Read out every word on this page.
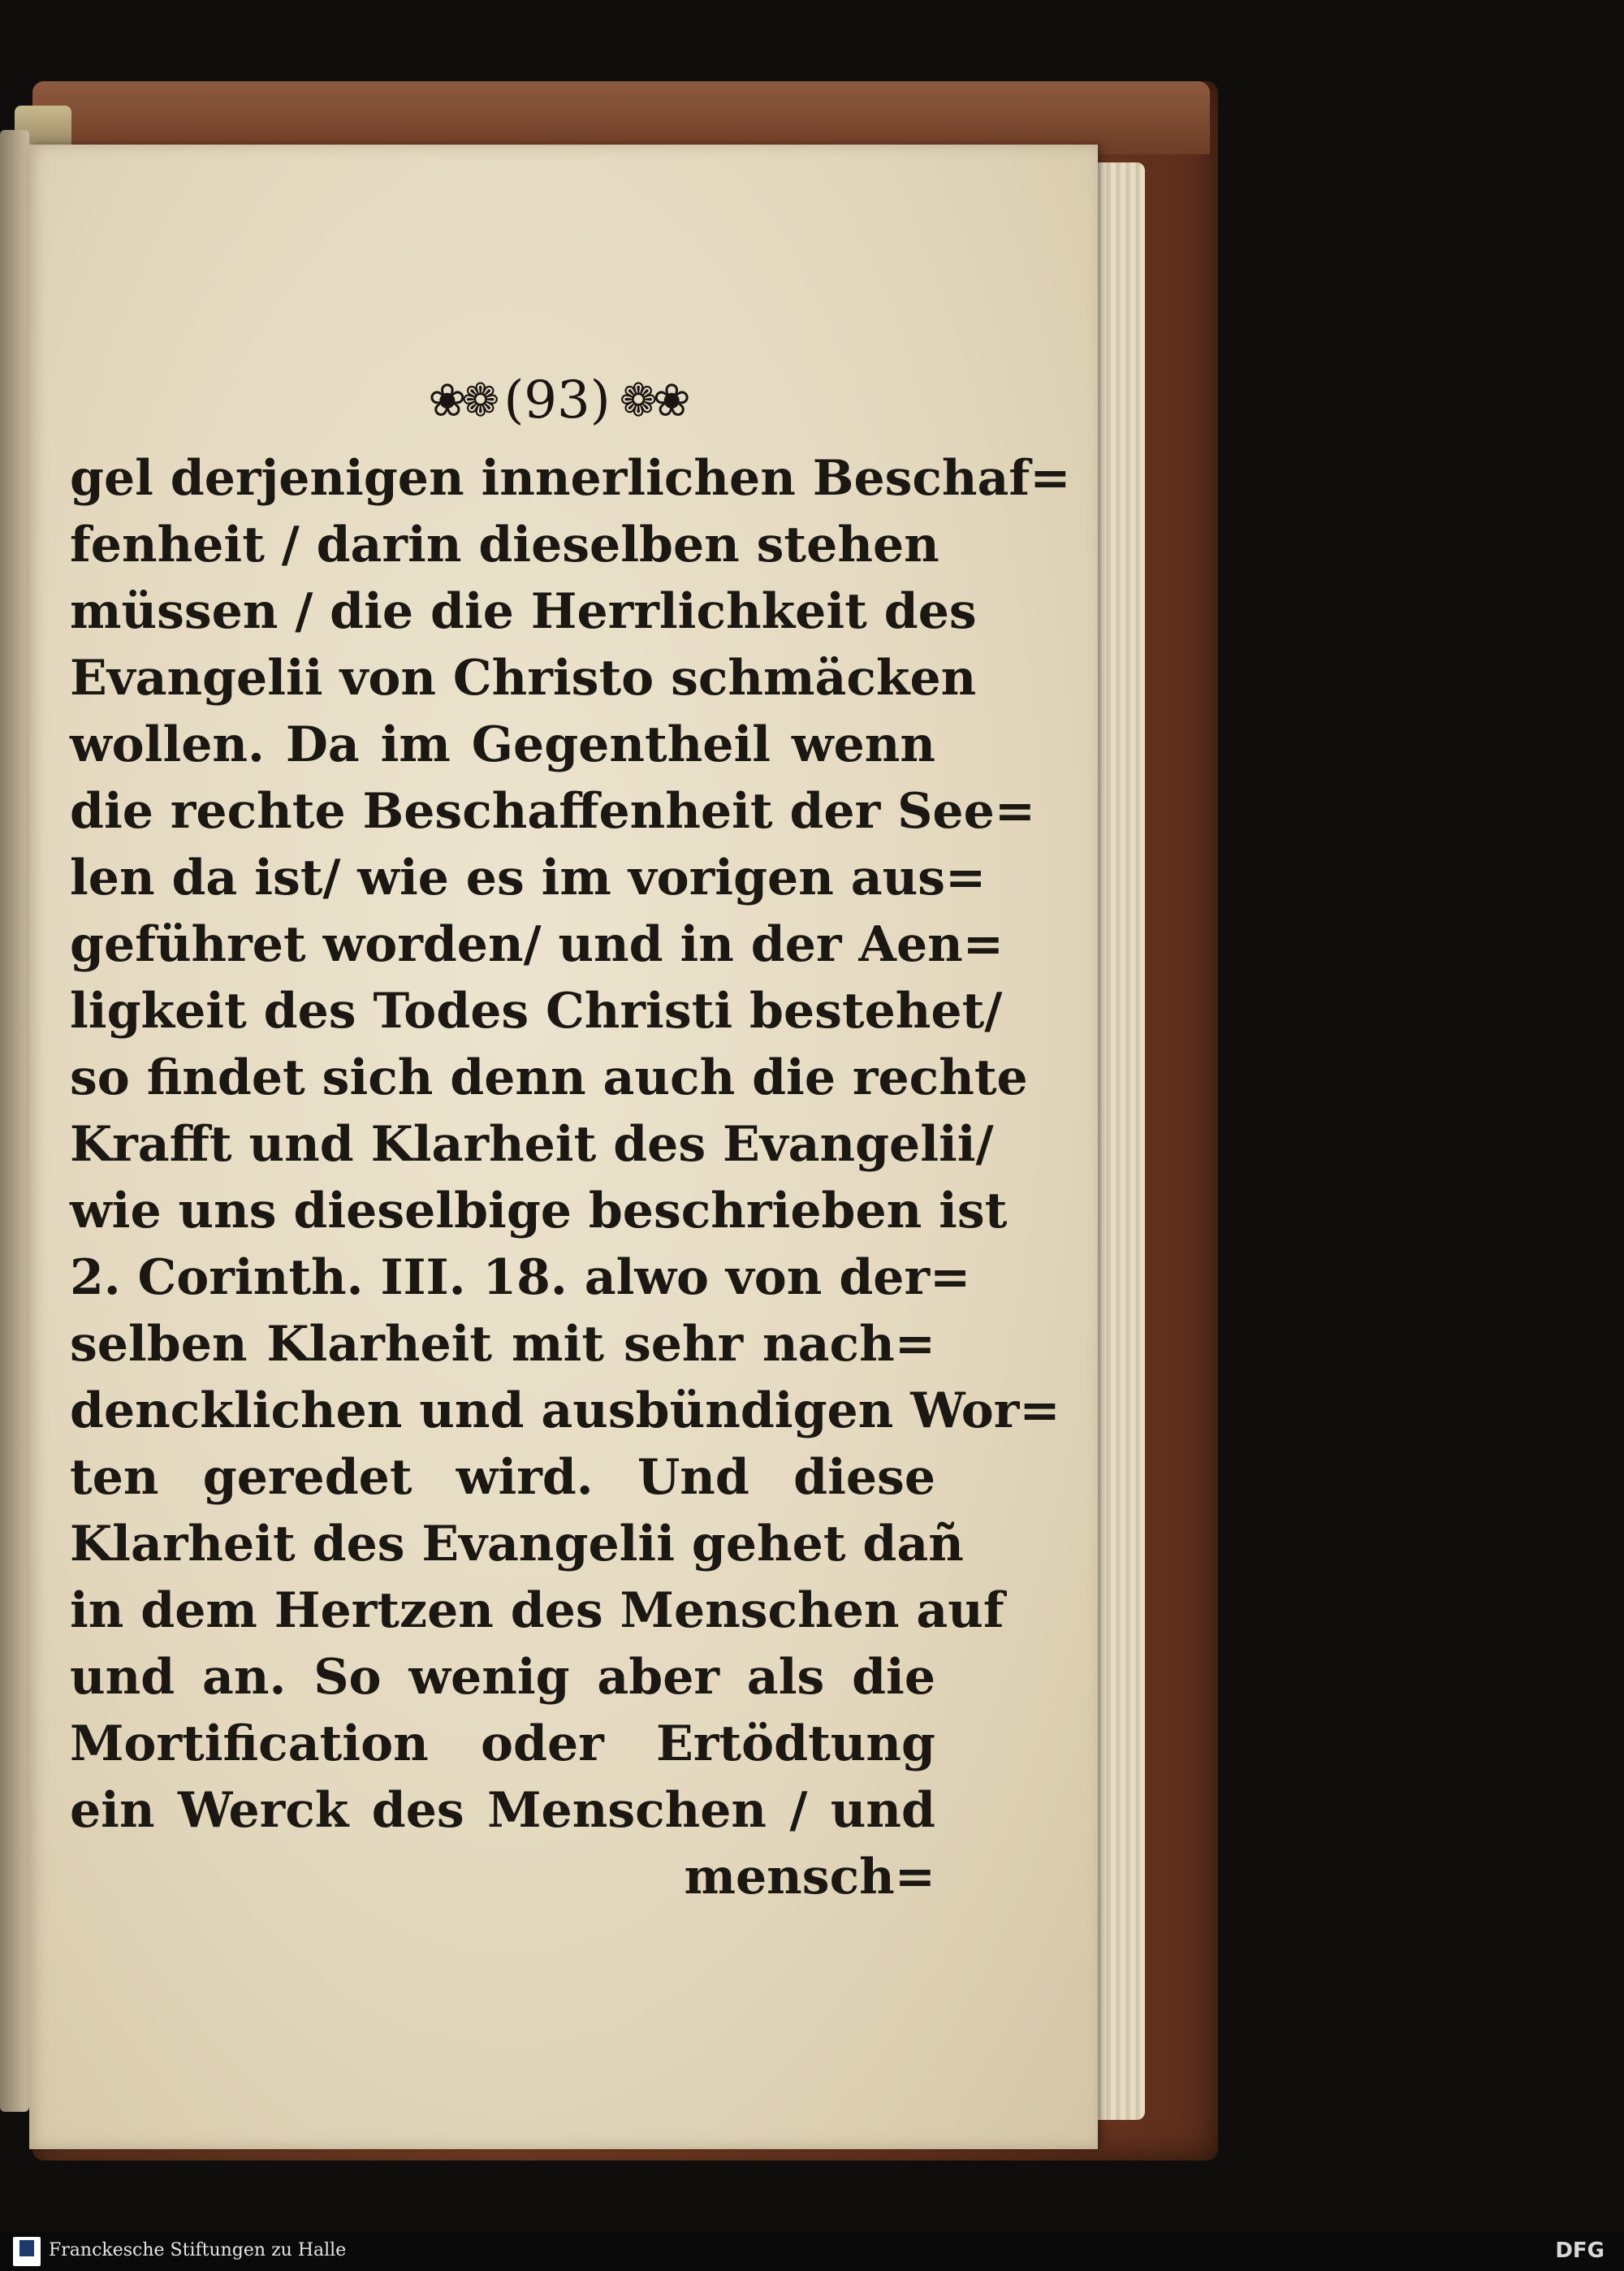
❀❁ (93) ❁❀
gel derjenigen innerlichen Beschaf=
fenheit / darin dieselben stehen
müssen / die die Herrlichkeit des
Evangelii von Christo schmäcken
wollen. Da im Gegentheil wenn
die rechte Beschaffenheit der See=
len da ist/ wie es im vorigen aus=
geführet worden/ und in der Aen=
ligkeit des Todes Christi bestehet/
so findet sich denn auch die rechte
Krafft und Klarheit des Evangelii/
wie uns dieselbige beschrieben ist
2. Corinth. III. 18. alwo von der=
selben Klarheit mit sehr nach=
dencklichen und ausbündigen Wor=
ten geredet wird. Und diese
Klarheit des Evangelii gehet dañ
in dem Hertzen des Menschen auf
und an. So wenig aber als die
Mortification oder Ertödtung
ein Werck des Menschen / und
mensch=
Franckesche Stiftungen zu Halle	DFG
